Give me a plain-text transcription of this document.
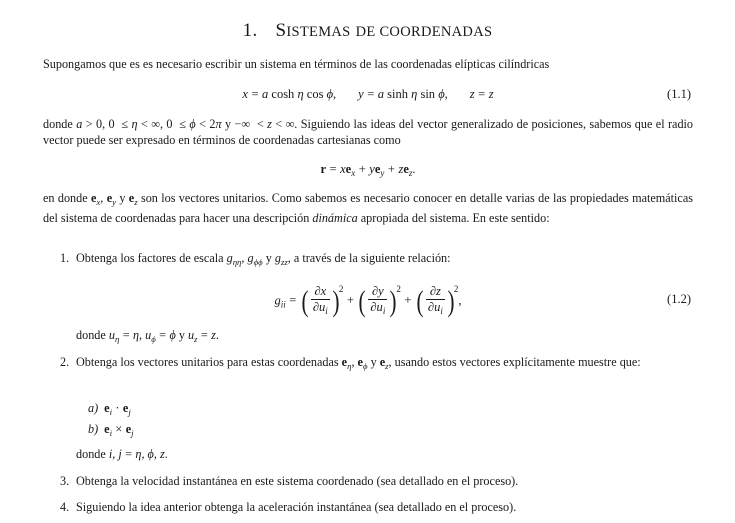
1. SISTEMAS DE COORDENADAS
Supongamos que es es necesario escribir un sistema en términos de las coordenadas elípticas cilíndricas
x = a cosh η cos ϕ, y = a sinh η sin ϕ, z = z	(1.1)
donde a > 0, 0 ≤ η < ∞, 0 ≤ ϕ < 2π y −∞ < z < ∞. Siguiendo las ideas del vector generalizado de posiciones, sabemos que el radio vector puede ser expresado en términos de coordenadas cartesianas como
$r = xe_x + ye_y + ze_z$.
en donde $e_x$, $e_y$ y $e_z$ son los vectores unitarios. Como sabemos es necesario conocer en detalle varias de las propiedades matemáticas del sistema de coordenadas para hacer una descripción dinámica apropiada del sistema. En este sentido:
1. Obtenga los factores de escala $g_{\eta\eta}$, $g_{\phi\phi}$ y $g_{zz}$, a través de la siguiente relación:
$g_{ii}$ = ( $\frac{\partial x}{\partial u_i} )^2+$ ( $\frac{\partial y}{\partial u_i} )^2+$ ( $\frac{\partial z}{\partial u_i} )^2$,	(1.2)
donde $u_\eta = \eta$, $u_\phi = \phi$ y $u_z = z$.
2. Obtenga los vectores unitarios para estas coordenadas $e_\eta$, $e_\phi$ y $e_z$, usando estos vectores explícitamente muestre que:
a) $e_i \cdot e_j$
b) $e_i \times e_j$
donde i, j = η, ϕ, z.
3. Obtenga la velocidad instantánea en este sistema coordenado (sea detallado en el proceso).
4. Siguiendo la idea anterior obtenga la aceleración instantánea (sea detallado en el proceso).
